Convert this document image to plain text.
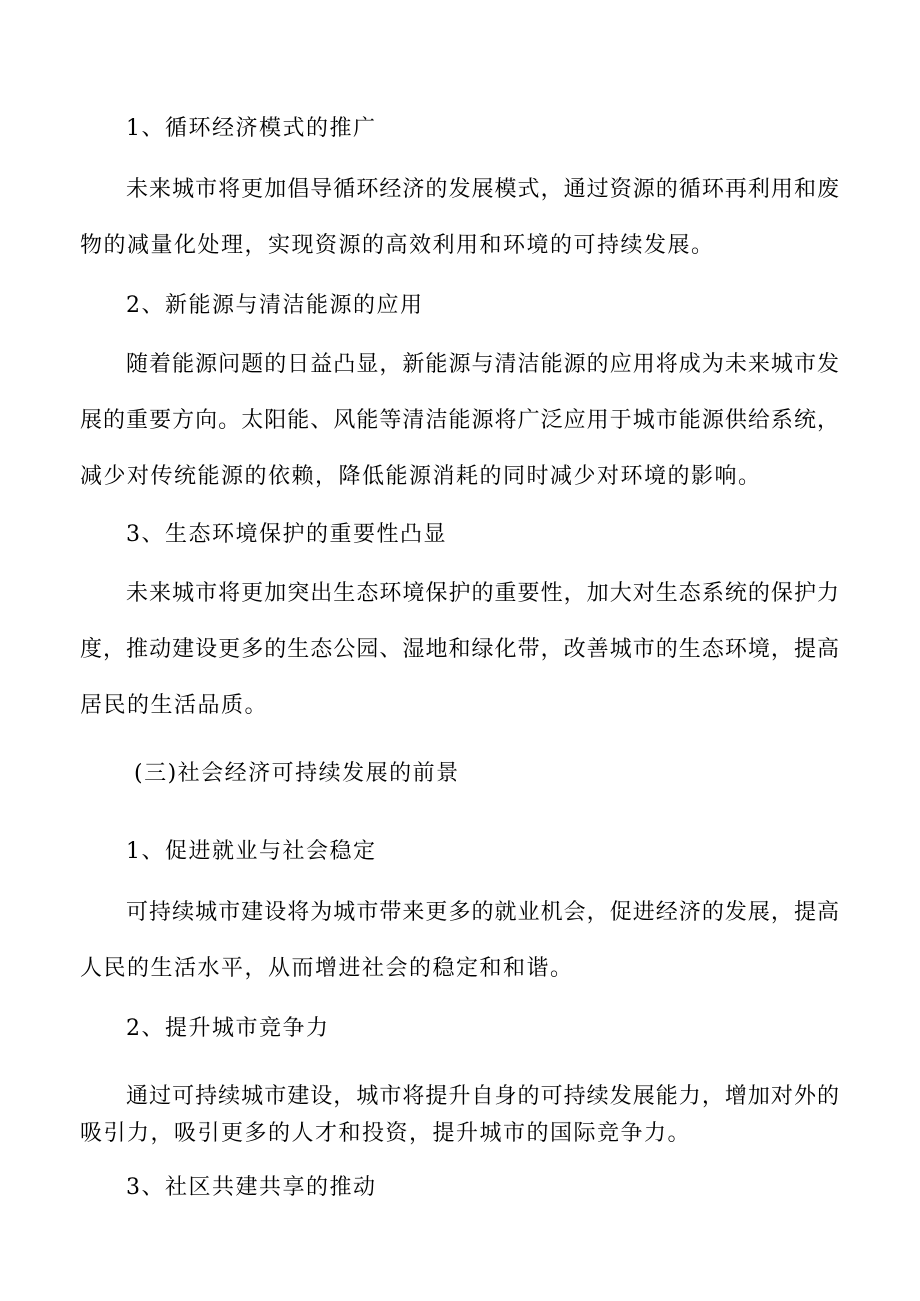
1、循环经济模式的推广
未来城市将更加倡导循环经济的发展模式，通过资源的循环再利用和废
物的减量化处理，实现资源的高效利用和环境的可持续发展。
2、新能源与清洁能源的应用
随着能源问题的日益凸显，新能源与清洁能源的应用将成为未来城市发
展的重要方向。太阳能、风能等清洁能源将广泛应用于城市能源供给系统，
减少对传统能源的依赖，降低能源消耗的同时减少对环境的影响。
3、生态环境保护的重要性凸显
未来城市将更加突出生态环境保护的重要性，加大对生态系统的保护力
度，推动建设更多的生态公园、湿地和绿化带，改善城市的生态环境，提高
居民的生活品质。
(三)社会经济可持续发展的前景
1、促进就业与社会稳定
可持续城市建设将为城市带来更多的就业机会，促进经济的发展，提高
人民的生活水平，从而增进社会的稳定和和谐。
2、提升城市竞争力
通过可持续城市建设，城市将提升自身的可持续发展能力，增加对外的
吸引力，吸引更多的人才和投资，提升城市的国际竞争力。
3、社区共建共享的推动
